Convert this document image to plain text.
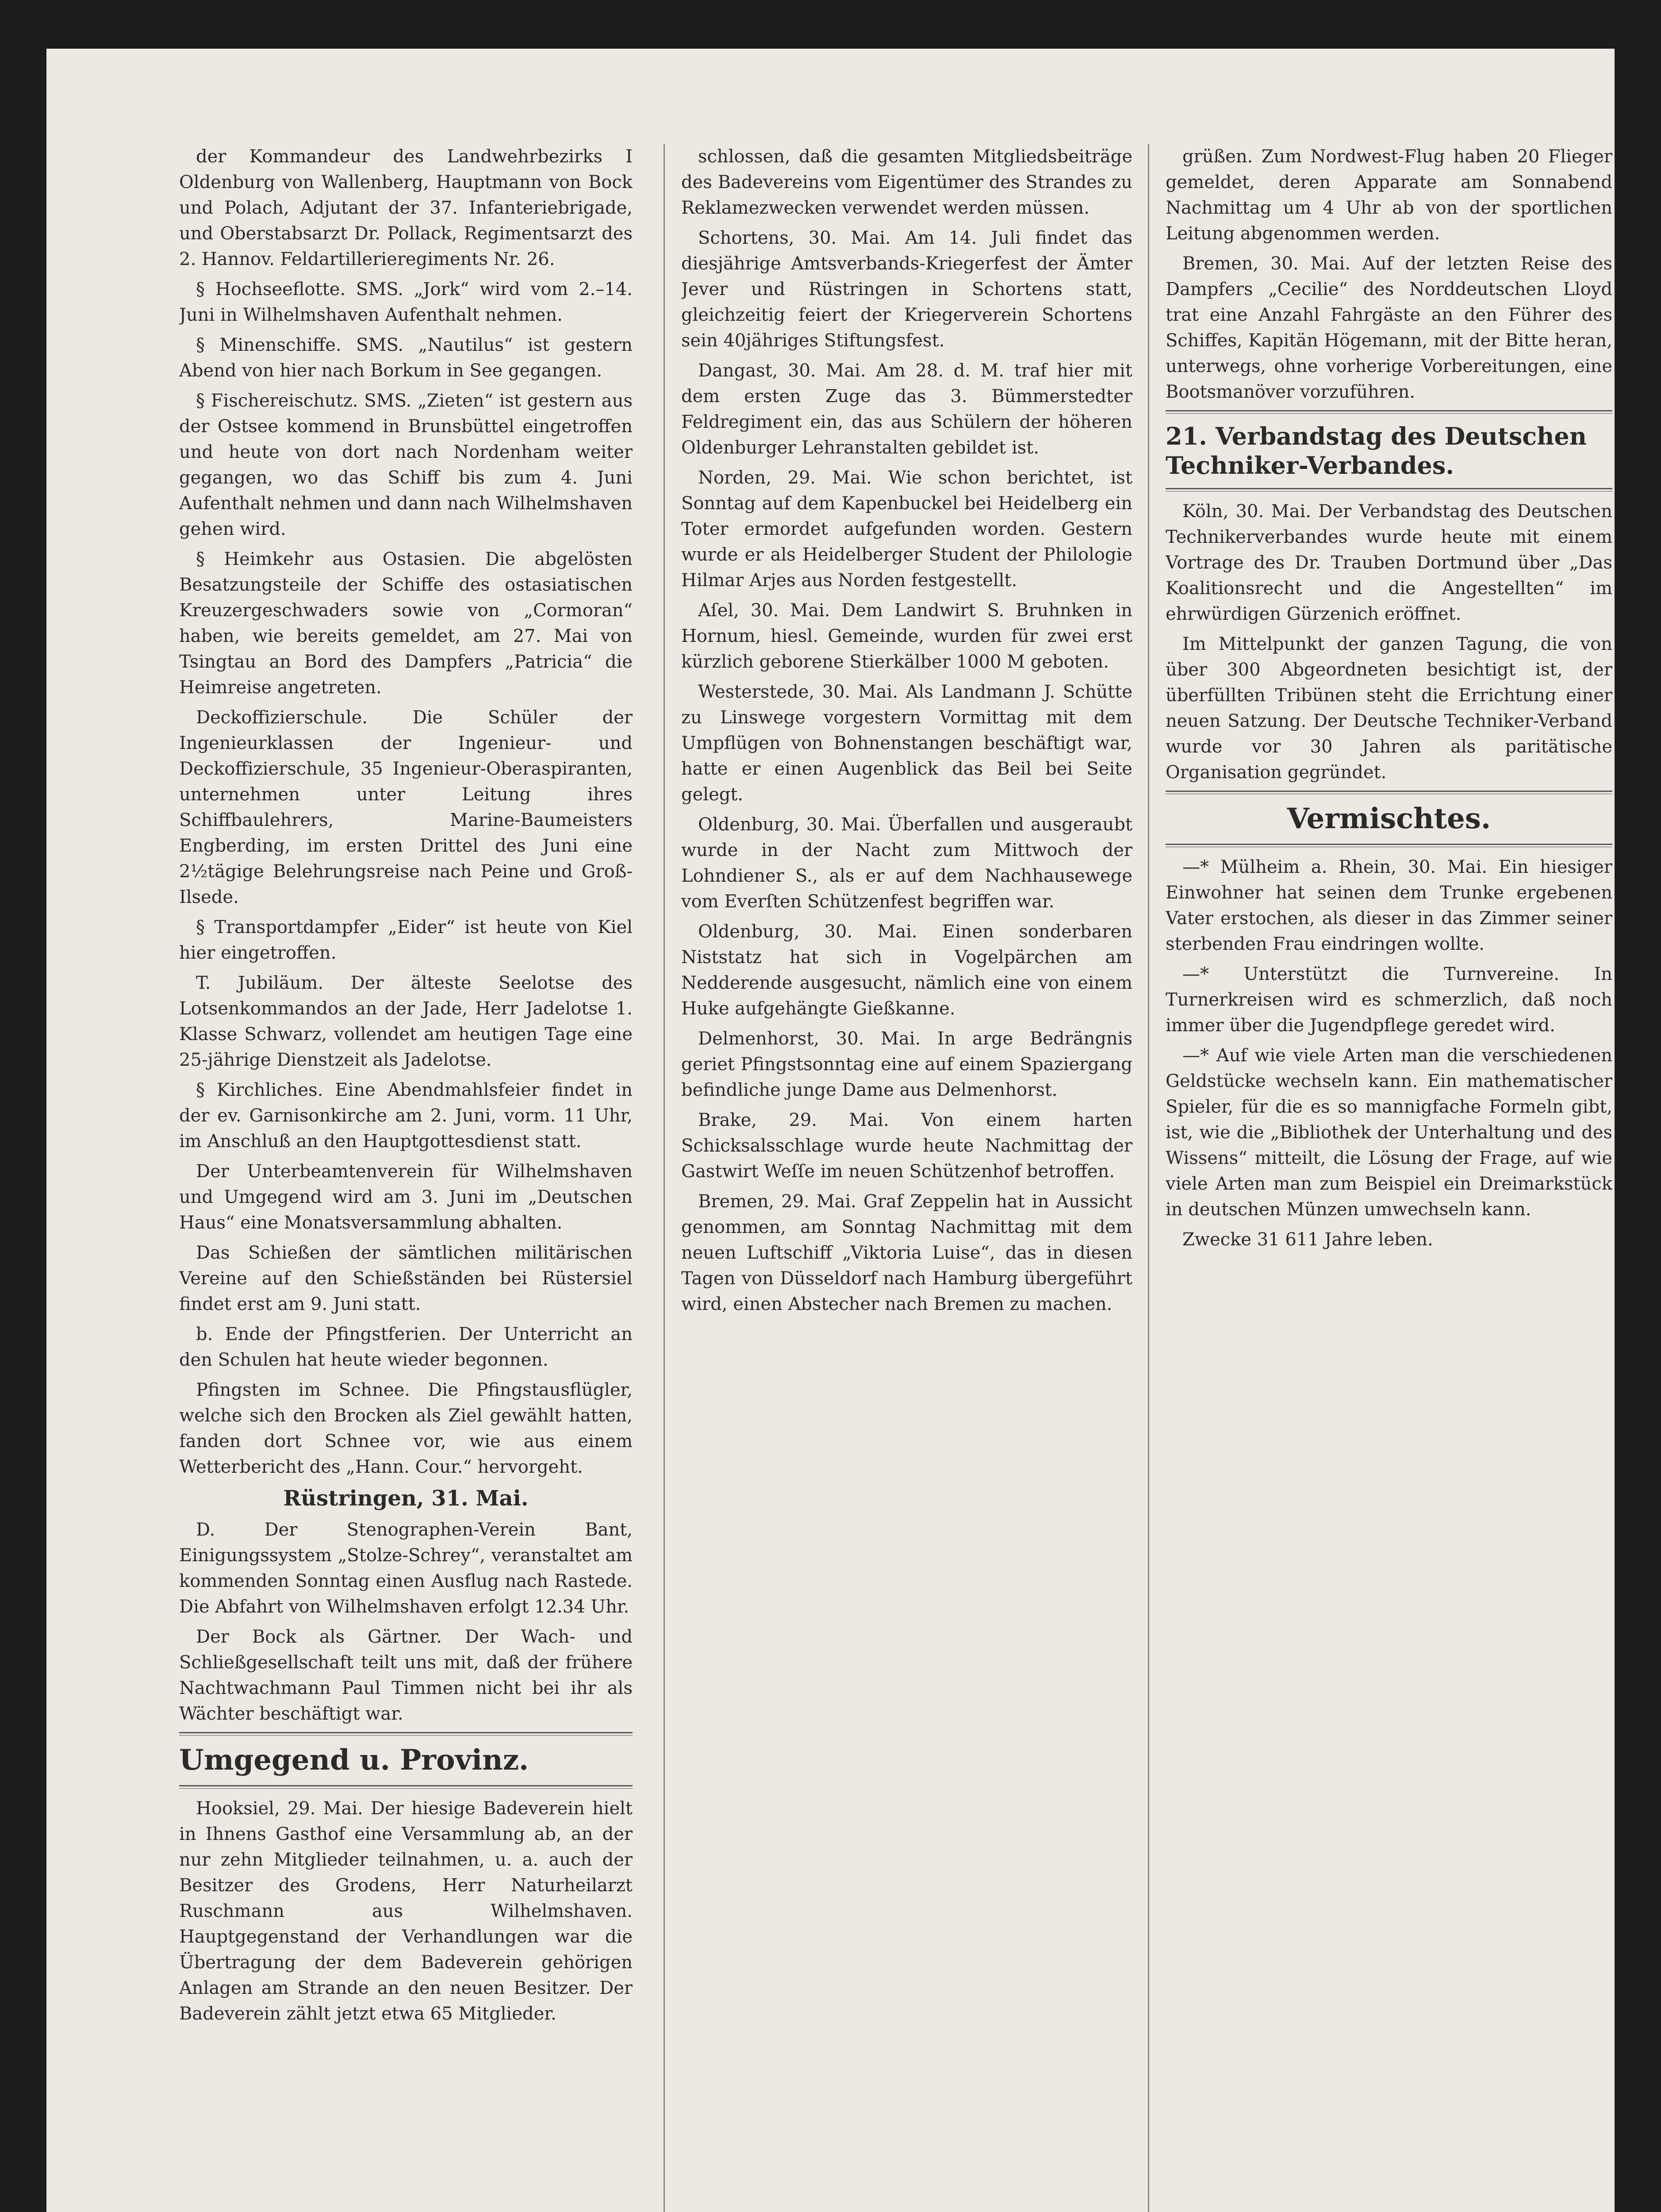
der Kommandeur des Landwehrbezirks I Oldenburg von Wallenberg, Hauptmann von Bock und Polach, Adjutant der 37. Infanteriebrigade, und Oberstabsarzt Dr. Pollack, Regimentsarzt des 2. Hannov. Feldartillerieregiments Nr. 26.

§ Hochseeflotte. SMS. „Jork“ wird vom 2.–14. Juni in Wilhelmshaven Aufenthalt nehmen.

§ Minenschiffe. SMS. „Nautilus“ ist gestern Abend von hier nach Borkum in See gegangen.

§ Fischereischutz. SMS. „Zieten“ ist gestern aus der Ostsee kommend in Brunsbüttel eingetroffen und heute von dort nach Nordenham weiter gegangen, wo das Schiff bis zum 4. Juni Aufenthalt nehmen und dann nach Wilhelmshaven gehen wird.

§ Heimkehr aus Ostasien. Die abgelösten Besatzungsteile der Schiffe des ostasiatischen Kreuzergeschwaders sowie von „Cormoran“ haben, wie bereits gemeldet, am 27. Mai von Tsingtau an Bord des Dampfers „Patricia“ die Heimreise angetreten.

Deckoffizierschule. Die Schüler der Ingenieurklassen der Ingenieur- und Deckoffizierschule, 35 Ingenieur-Oberaspiranten, unternehmen unter Leitung ihres Schiffbaulehrers, Marine-Baumeisters Engberding, im ersten Drittel des Juni eine 2½tägige Belehrungsreise nach Peine und Groß-Ilsede.

§ Transportdampfer „Eider“ ist heute von Kiel hier eingetroffen.

T. Jubiläum. Der älteste Seelotse des Lotsenkommandos an der Jade, Herr Jadelotse 1. Klasse Schwarz, vollendet am heutigen Tage eine 25-jährige Dienstzeit als Jadelotse.

§ Kirchliches. Eine Abendmahlsfeier findet in der ev. Garnisonkirche am 2. Juni, vorm. 11 Uhr, im Anschluß an den Hauptgottesdienst statt.

Der Unterbeamtenverein für Wilhelmshaven und Umgegend wird am 3. Juni im „Deutschen Haus“ eine Monatsversammlung abhalten.

Das Schießen der sämtlichen militärischen Vereine auf den Schießständen bei Rüstersiel findet erst am 9. Juni statt.

b. Ende der Pfingstferien. Der Unterricht an den Schulen hat heute wieder begonnen.

Pfingsten im Schnee. Die Pfingstausflügler, welche sich den Brocken als Ziel gewählt hatten, fanden dort Schnee vor, wie aus einem Wetterbericht des „Hann. Cour.“ hervorgeht.

Rüstringen, 31. Mai.

D. Der Stenographen-Verein Bant, Einigungssystem „Stolze-Schrey“, veranstaltet am kommenden Sonntag einen Ausflug nach Rastede. Die Abfahrt von Wilhelmshaven erfolgt 12.34 Uhr.

Der Bock als Gärtner. Der Wach- und Schließgesellschaft teilt uns mit, daß der frühere Nachtwachmann Paul Timmen nicht bei ihr als Wächter beschäftigt war.

Umgegend u. Provinz.

Hooksiel, 29. Mai. Der hiesige Badeverein hielt in Ihnens Gasthof eine Versammlung ab, an der nur zehn Mitglieder teilnahmen, u. a. auch der Besitzer des Grodens, Herr Naturheilarzt Ruschmann aus Wilhelmshaven. Hauptgegenstand der Verhandlungen war die Übertragung der dem Badeverein gehörigen Anlagen am Strande an den neuen Besitzer. Der Badeverein zählt jetzt etwa 65 Mitglieder.

schlossen, daß die gesamten Mitgliedsbeiträge des Badevereins vom Eigentümer des Strandes zu Reklamezwecken verwendet werden müssen.

Schortens, 30. Mai. Am 14. Juli findet das diesjährige Amtsverbands-Kriegerfest der Ämter Jever und Rüstringen in Schortens statt, gleichzeitig feiert der Kriegerverein Schortens sein 40jähriges Stiftungsfest.

Dangast, 30. Mai. Am 28. d. M. traf hier mit dem ersten Zuge das 3. Bümmerstedter Feldregiment ein, das aus Schülern der höheren Oldenburger Lehranstalten gebildet ist.

Norden, 29. Mai. Wie schon berichtet, ist Sonntag auf dem Kapenbuckel bei Heidelberg ein Toter ermordet aufgefunden worden. Gestern wurde er als Heidelberger Student der Philologie Hilmar Arjes aus Norden festgestellt.

Aſel, 30. Mai. Dem Landwirt S. Bruhnken in Hornum, hiesl. Gemeinde, wurden für zwei erst kürzlich geborene Stierkälber 1000 M geboten.

Westerstede, 30. Mai. Als Landmann J. Schütte zu Linswege vorgestern Vormittag mit dem Umpflügen von Bohnenstangen beschäftigt war, hatte er einen Augenblick das Beil bei Seite gelegt.

Oldenburg, 30. Mai. Überfallen und ausgeraubt wurde in der Nacht zum Mittwoch der Lohndiener S., als er auf dem Nachhausewege vom Everſten Schützenfest begriffen war.

Oldenburg, 30. Mai. Einen sonderbaren Niststatz hat sich in Vogelpärchen am Nedderende ausgesucht, nämlich eine von einem Huke aufgehängte Gießkanne.

Delmenhorst, 30. Mai. In arge Bedrängnis geriet Pfingstsonntag eine auf einem Spaziergang befindliche junge Dame aus Delmenhorst.

Brake, 29. Mai. Von einem harten Schicksalsschlage wurde heute Nachmittag der Gastwirt Weſſe im neuen Schützenhof betroffen.

Bremen, 29. Mai. Graf Zeppelin hat in Aussicht genommen, am Sonntag Nachmittag mit dem neuen Luftschiff „Viktoria Luise“, das in diesen Tagen von Düsseldorf nach Hamburg übergeführt wird, einen Abstecher nach Bremen zu machen.

grüßen. Zum Nordwest-Flug haben 20 Flieger gemeldet, deren Apparate am Sonnabend Nachmittag um 4 Uhr ab von der sportlichen Leitung abgenommen werden.

Bremen, 30. Mai. Auf der letzten Reise des Dampfers „Cecilie“ des Norddeutschen Lloyd trat eine Anzahl Fahrgäste an den Führer des Schiffes, Kapitän Högemann, mit der Bitte heran, unterwegs, ohne vorherige Vorbereitungen, eine Bootsmanöver vorzuführen.

21. Verbandstag des Deutschen Techniker-Verbandes.

Köln, 30. Mai. Der Verbandstag des Deutschen Technikerverbandes wurde heute mit einem Vortrage des Dr. Trauben Dortmund über „Das Koalitionsrecht und die Angestellten“ im ehrwürdigen Gürzenich eröffnet.

Im Mittelpunkt der ganzen Tagung, die von über 300 Abgeordneten besichtigt ist, der überfüllten Tribünen steht die Errichtung einer neuen Satzung. Der Deutsche Techniker-Verband wurde vor 30 Jahren als paritätische Organisation gegründet.

Vermischtes.

—* Mülheim a. Rhein, 30. Mai. Ein hiesiger Einwohner hat seinen dem Trunke ergebenen Vater erstochen, als dieser in das Zimmer seiner sterbenden Frau eindringen wollte.

—* Unterstützt die Turnvereine. In Turnerkreisen wird es schmerzlich, daß noch immer über die Jugendpflege geredet wird.

—* Auf wie viele Arten man die verschiedenen Geldstücke wechseln kann. Ein mathematischer Spieler, für die es so mannigfache Formeln gibt, ist, wie die „Bibliothek der Unterhaltung und des Wissens“ mitteilt, die Lösung der Frage, auf wie viele Arten man zum Beispiel ein Dreimarkstück in deutschen Münzen umwechseln kann.

Zwecke 31 611 Jahre leben.
